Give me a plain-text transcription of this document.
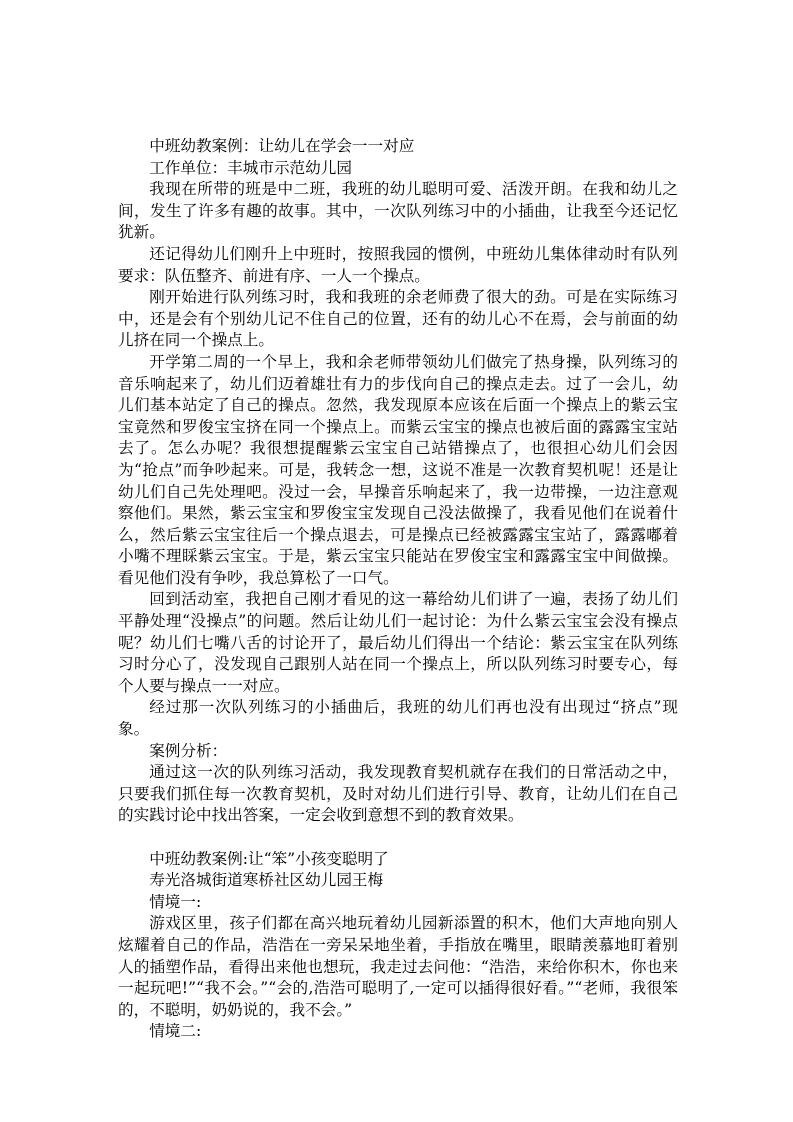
中班幼教案例：让幼儿在学会一一对应

工作单位：丰城市示范幼儿园

我现在所带的班是中二班，我班的幼儿聪明可爱、活泼开朗。在我和幼儿之间，发生了许多有趣的故事。其中，一次队列练习中的小插曲，让我至今还记忆犹新。

还记得幼儿们刚升上中班时，按照我园的惯例，中班幼儿集体律动时有队列要求：队伍整齐、前进有序、一人一个操点。

刚开始进行队列练习时，我和我班的余老师费了很大的劲。可是在实际练习中，还是会有个别幼儿记不住自己的位置，还有的幼儿心不在焉，会与前面的幼儿挤在同一个操点上。

开学第二周的一个早上，我和余老师带领幼儿们做完了热身操，队列练习的音乐响起来了，幼儿们迈着雄壮有力的步伐向自己的操点走去。过了一会儿，幼儿们基本站定了自己的操点。忽然，我发现原本应该在后面一个操点上的紫云宝宝竟然和罗俊宝宝挤在同一个操点上。而紫云宝宝的操点也被后面的露露宝宝站去了。怎么办呢？我很想提醒紫云宝宝自己站错操点了，也很担心幼儿们会因为“抢点”而争吵起来。可是，我转念一想，这说不准是一次教育契机呢！还是让幼儿们自己先处理吧。没过一会，早操音乐响起来了，我一边带操，一边注意观察他们。果然，紫云宝宝和罗俊宝宝发现自己没法做操了，我看见他们在说着什么，然后紫云宝宝往后一个操点退去，可是操点已经被露露宝宝站了，露露嘟着小嘴不理睬紫云宝宝。于是，紫云宝宝只能站在罗俊宝宝和露露宝宝中间做操。看见他们没有争吵，我总算松了一口气。

回到活动室，我把自己刚才看见的这一幕给幼儿们讲了一遍，表扬了幼儿们平静处理“没操点”的问题。然后让幼儿们一起讨论：为什么紫云宝宝会没有操点呢？幼儿们七嘴八舌的讨论开了，最后幼儿们得出一个结论：紫云宝宝在队列练习时分心了，没发现自己跟别人站在同一个操点上，所以队列练习时要专心，每个人要与操点一一对应。

经过那一次队列练习的小插曲后，我班的幼儿们再也没有出现过“挤点”现象。

案例分析：

通过这一次的队列练习活动，我发现教育契机就存在我们的日常活动之中，只要我们抓住每一次教育契机，及时对幼儿们进行引导、教育，让幼儿们在自己的实践讨论中找出答案，一定会收到意想不到的教育效果。

中班幼教案例:让“笨”小孩变聪明了

寿光洛城街道寒桥社区幼儿园王梅

情境一:

游戏区里，孩子们都在高兴地玩着幼儿园新添置的积木，他们大声地向别人炫耀着自己的作品，浩浩在一旁呆呆地坐着，手指放在嘴里，眼睛羡慕地盯着别人的插塑作品，看得出来他也想玩，我走过去问他：“浩浩，来给你积木，你也来一起玩吧!”“我不会。”“会的,浩浩可聪明了,一定可以插得很好看。”“老师，我很笨的，不聪明，奶奶说的，我不会。”

情境二:
